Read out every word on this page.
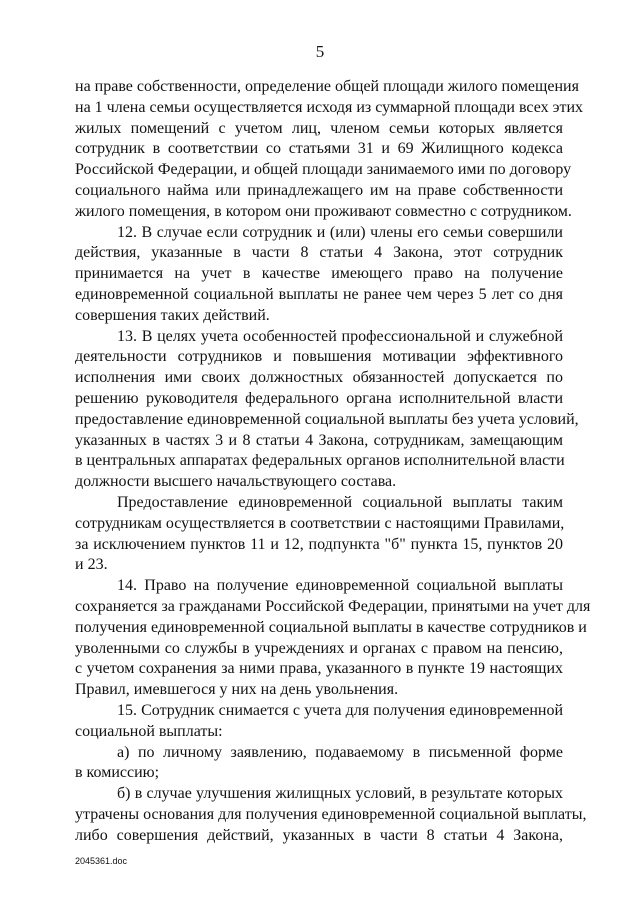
5
на праве собственности, определение общей площади жилого помещения
на 1 члена семьи осуществляется исходя из суммарной площади всех этих
жилых помещений с учетом лиц, членом семьи которых является
сотрудник в соответствии со статьями 31 и 69 Жилищного кодекса
Российской Федерации, и общей площади занимаемого ими по договору
социального найма или принадлежащего им на праве собственности
жилого помещения, в котором они проживают совместно с сотрудником.
12. В случае если сотрудник и (или) члены его семьи совершили
действия, указанные в части 8 статьи 4 Закона, этот сотрудник
принимается на учет в качестве имеющего право на получение
единовременной социальной выплаты не ранее чем через 5 лет со дня
совершения таких действий.
13. В целях учета особенностей профессиональной и служебной
деятельности сотрудников и повышения мотивации эффективного
исполнения ими своих должностных обязанностей допускается по
решению руководителя федерального органа исполнительной власти
предоставление единовременной социальной выплаты без учета условий,
указанных в частях 3 и 8 статьи 4 Закона, сотрудникам, замещающим
в центральных аппаратах федеральных органов исполнительной власти
должности высшего начальствующего состава.
Предоставление единовременной социальной выплаты таким
сотрудникам осуществляется в соответствии с настоящими Правилами,
за исключением пунктов 11 и 12, подпункта "б" пункта 15, пунктов 20
и 23.
14. Право на получение единовременной социальной выплаты
сохраняется за гражданами Российской Федерации, принятыми на учет для
получения единовременной социальной выплаты в качестве сотрудников и
уволенными со службы в учреждениях и органах с правом на пенсию,
с учетом сохранения за ними права, указанного в пункте 19 настоящих
Правил, имевшегося у них на день увольнения.
15. Сотрудник снимается с учета для получения единовременной
социальной выплаты:
а) по личному заявлению, подаваемому в письменной форме
в комиссию;
б) в случае улучшения жилищных условий, в результате которых
утрачены основания для получения единовременной социальной выплаты,
либо совершения действий, указанных в части 8 статьи 4 Закона,
2045361.doc
